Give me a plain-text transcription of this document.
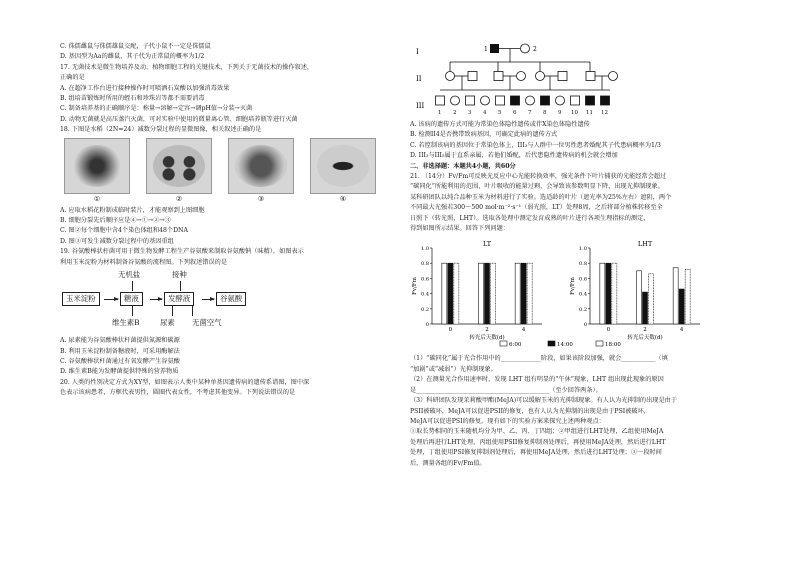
C. 侏儒雌鼠与侏儒雄鼠交配，子代小鼠不一定是侏儒鼠
D. 基因型为Aa的雌鼠，其子代为正常鼠的概率为1/2
17. 无菌技术是微生物培养及动、植物细胞工程的关键技术，下列关于无菌技术的操作叙述，
正确的是
A. 在超净工作台进行接种操作时可喷洒石炭酸以加强消毒效果
B. 组培苗锻炼时所用的蛭石和珍珠岩等都不需要消毒
C. 制备培养基的正确顺序是：称量→溶解→定容→调pH值→分装→灭菌
D. 动物无菌就是高压蒸汽灭菌，可对实验中使用的微量离心管、细胞培养瓶等进行灭菌
18. 下图是水稻（2N=24）减数分裂过程的显微图像，相关叙述正确的是
①	②	③	④
A. 应取水稻花粉制成临时装片，才能观察到上图细胞
B. 细胞分裂先后顺序应是④→①→②→③
C. 图②每个细胞中含4个染色体组和48个DNA
D. 图③可发生减数分裂过程中的基因重组
19. 谷氨酸棒状杆菌可用于微生物发酵工程生产谷氨酸来制取谷氨酸钠（味精），如图表示
利用玉米淀粉为材料制备谷氨酸的流程图。下列叙述错误的是
无机盐	接种
玉米淀粉	糖液	发酵液	谷氨酸
维生素B	尿素 无菌空气
A. 尿素能为谷氨酸棒状杆菌提供氮源和碳源
B. 利用玉米淀粉制备糖液时，可采用酶解法
C. 谷氨酸棒状杆菌通过有氧发酵产生谷氨酸
D. 维生素B能为发酵菌提供特殊的营养物质
20. 人类的性别决定方式为XY型，如图表示人类中某种单基因遗传病的遗传系谱图，图中深
色表示该病患者，方框代表男性，圆圈代表女性，不考虑其他变异。下列说法错误的是
I
II
III
1	2
1 2 3 4 5 6 7 8 9 10 11 12
A. 该病的遗传方式可能为常染色体隐性遗传或伴X染色体隐性遗传
B. 检测II4是否携带致病基因，可确定此病的遗传方式
C. 若控制该病的基因位于常染色体上，III₃与人群中一位男性患者婚配其子代患病概率为1/3
D. III₃与III₅属于直系亲属，若他们婚配，后代患隐性遗传病的机会就会增加
二、非选择题：本题共4小题，共60分
21. （14分）Fv/Fm可反映光反应中心光能转换效率，强光条件下叶片捕获的光能经常会超过
“碳同化”所能利用的范围，叶片吸收的能量过剩，会导致该参数明显下降，出现光抑制现象。
某科研团队以纯合品种玉米为材料进行了实验。选适龄的叶片（遮光率为25%左右）遮阴，两个
不同最大光强若300～500 mol·m⁻²·s⁻¹（弱光照，LT）处理8周，之后将部分植株转移至全
日照下（转光照，LHT）。选取各处理中测定发育成熟的叶片进行各项生理指标的测定，
得到如图所示结果。回答下列问题：
LT
0
0.2
0.4
0.6
0.8
1.0
Fv/Fm
0	2	4
转光后天数(d)
LHT
0
0.2
0.4
0.6
0.8
1.0
Fv/Fm
0	2	4
转光后天数(d)
6:00	14:00	18:00
（1）“碳同化”属于光合作用中的_____________阶段，如果该阶段加强，就会___________（填
“加剧”或“减弱”）光抑制现象。
（2）在测量光合作用速率时，发现 LHT 组有明显的“午休”现象，LHT 组出现此现象的原因
是___________________________________________（至少回答两条）。
（3）科研团队发现茉莉酸甲酯(MeJA)可以缓解玉米的光抑制现象。有人认为光抑制的出现是由于
PSII被破坏，MeJA可以促进PSII的修复，也有人认为光抑制的出现是由于PSI被破坏，
MeJA可以促进PSI的修复。现有如下的实验方案来探究上述两种观点：
①取长势相同的玉米随机均分为甲、乙、丙、丁四组；②甲组进行LHT处理，乙组使用MeJA
处理后再进行LHT处理，丙组使用PSII修复抑制剂处理后，再使用MeJA处理，然后进行LHT
处理，丁组使用PSI修复抑制剂处理后，再使用MeJA处理，然后进行LHT处理；③一段时间
后，测量各组的Fv/Fm值。
